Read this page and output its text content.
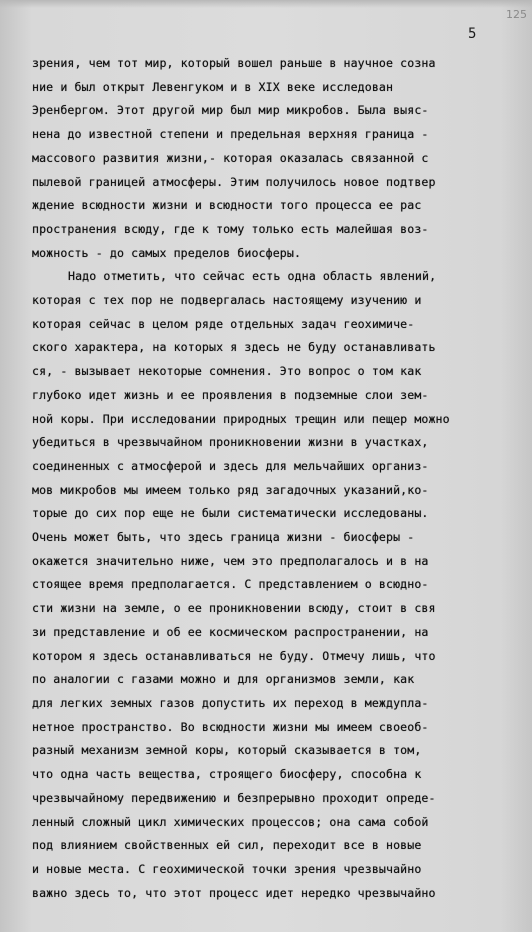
125
5
зрения, чем тот мир, который вошел раньше в научное созна
ние и был открыт Левенгуком и в XIX веке исследован
Эренбергом. Этот другой мир был мир микробов. Была выяс-
нена до известной степени и предельная верхняя граница -
массового развития жизни,- которая оказалась связанной с
пылевой границей атмосферы. Этим получилось новое подтвер
ждение всюдности жизни и всюдности того процесса ее рас
пространения всюду, где к тому только есть малейшая воз-
можность - до самых пределов биосферы.
Надо отметить, что сейчас есть одна область явлений,
которая с тех пор не подвергалась настоящему изучению и
которая сейчас в целом ряде отдельных задач геохимиче-
ского характера, на которых я здесь не буду останавливать
ся, - вызывает некоторые сомнения. Это вопрос о том как
глубоко идет жизнь и ее проявления в подземные слои зем-
ной коры. При исследовании природных трещин или пещер можно
убедиться в чрезвычайном проникновении жизни в участках,
соединенных с атмосферой и здесь для мельчайших организ-
мов микробов мы имеем только ряд загадочных указаний,ко-
торые до сих пор еще не были систематически исследованы.
Очень может быть, что здесь граница жизни - биосферы -
окажется значительно ниже, чем это предполагалось и в на
стоящее время предполагается. С представлением о всюдно-
сти жизни на земле, о ее проникновении всюду, стоит в свя
зи представление и об ее космическом распространении, на
котором я здесь останавливаться не буду. Отмечу лишь, что
по аналогии с газами можно и для организмов земли, как
для легких земных газов допустить их переход в междупла-
нетное пространство. Во всюдности жизни мы имеем своеоб-
разный механизм земной коры, который сказывается в том,
что одна часть вещества, строящего биосферу, способна к
чрезвычайному передвижению и безпрерывно проходит опреде-
ленный сложный цикл химических процессов; она сама собой
под влиянием свойственных ей сил, переходит все в новые
и новые места. С геохимической точки зрения чрезвычайно
важно здесь то, что этот процесс идет нередко чрезвычайно
